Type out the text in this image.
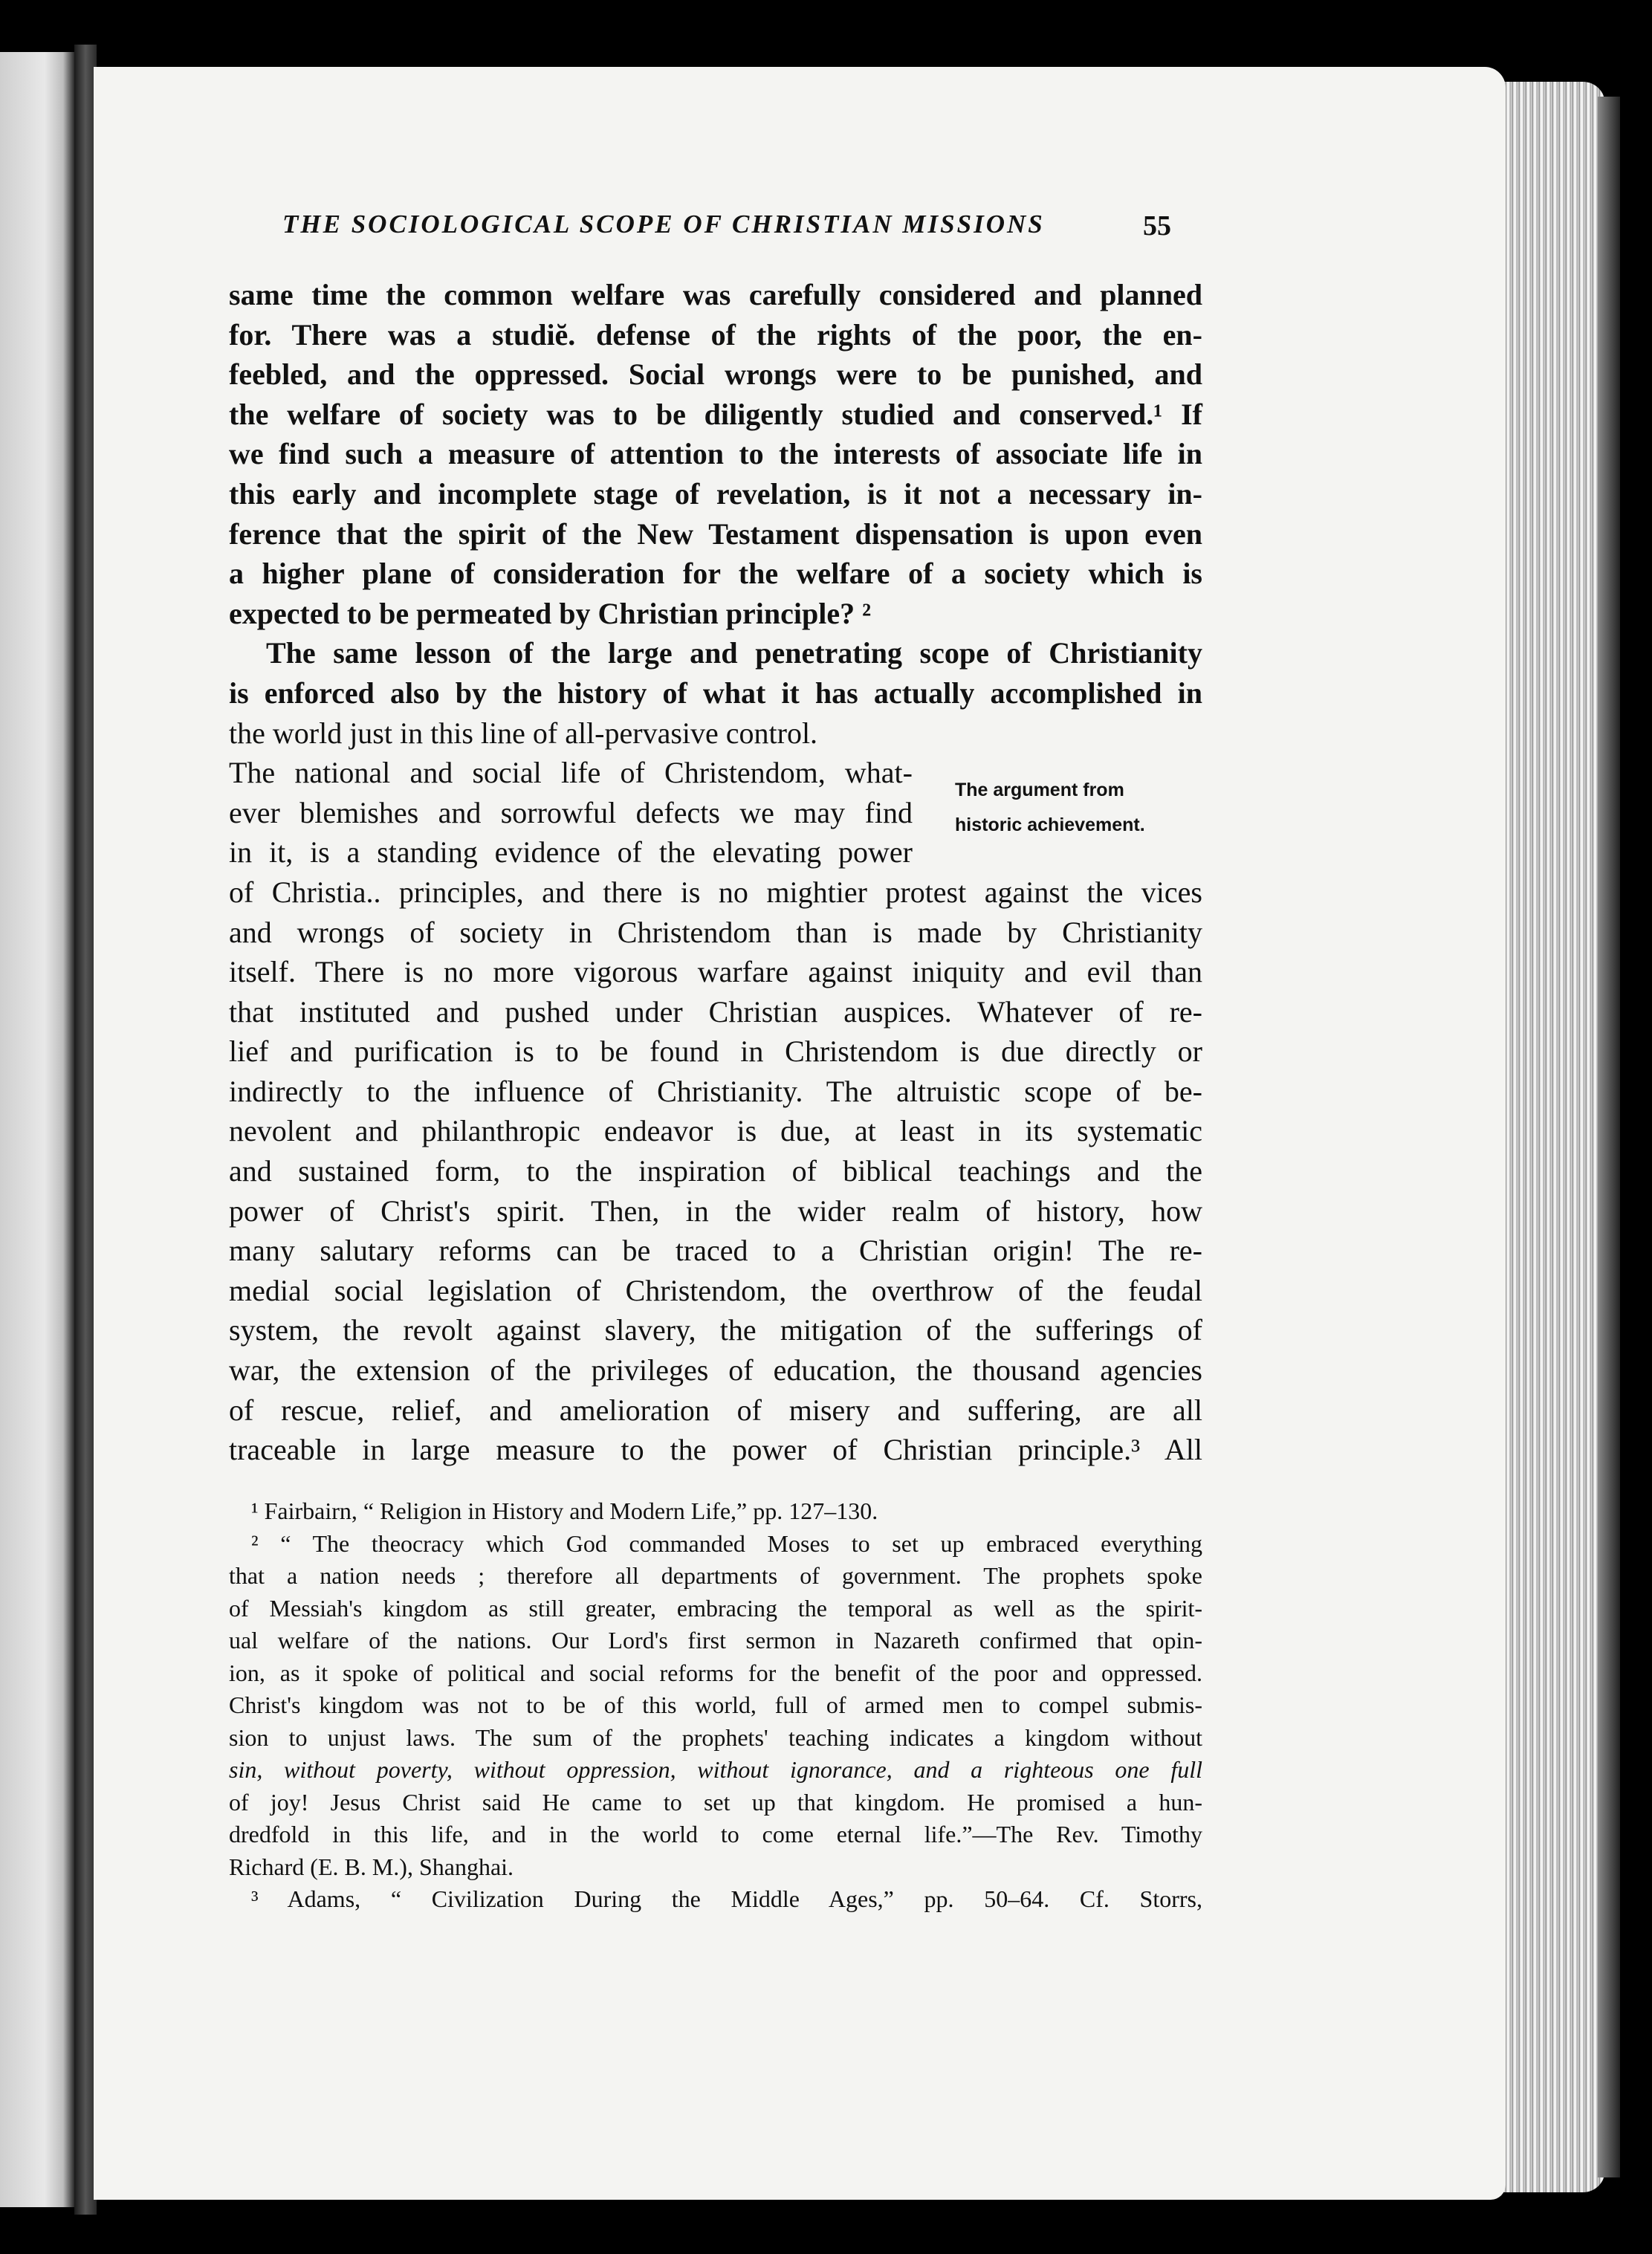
THE SOCIOLOGICAL SCOPE OF CHRISTIAN MISSIONS	55
same time the common welfare was carefully considered and planned
for. There was a studiĕ. defense of the rights of the poor, the en-
feebled, and the oppressed. Social wrongs were to be punished, and
the welfare of society was to be diligently studied and conserved.¹ If
we find such a measure of attention to the interests of associate life in
this early and incomplete stage of revelation, is it not a necessary in-
ference that the spirit of the New Testament dispensation is upon even
a higher plane of consideration for the welfare of a society which is
expected to be permeated by Christian principle? ²
The same lesson of the large and penetrating scope of Christianity
is enforced also by the history of what it has actually accomplished in
the world just in this line of all-pervasive control.
The national and social life of Christendom, what-
ever blemishes and sorrowful defects we may find
in it, is a standing evidence of the elevating power
of Christia.. principles, and there is no mightier protest against the vices
and wrongs of society in Christendom than is made by Christianity
itself. There is no more vigorous warfare against iniquity and evil than
that instituted and pushed under Christian auspices. Whatever of re-
lief and purification is to be found in Christendom is due directly or
indirectly to the influence of Christianity. The altruistic scope of be-
nevolent and philanthropic endeavor is due, at least in its systematic
and sustained form, to the inspiration of biblical teachings and the
power of Christ's spirit. Then, in the wider realm of history, how
many salutary reforms can be traced to a Christian origin! The re-
medial social legislation of Christendom, the overthrow of the feudal
system, the revolt against slavery, the mitigation of the sufferings of
war, the extension of the privileges of education, the thousand agencies
of rescue, relief, and amelioration of misery and suffering, are all
traceable in large measure to the power of Christian principle.³ All
The argument from
historic achievement.
¹ Fairbairn, “ Religion in History and Modern Life,” pp. 127–130.
² “ The theocracy which God commanded Moses to set up embraced everything
that a nation needs ; therefore all departments of government. The prophets spoke
of Messiah's kingdom as still greater, embracing the temporal as well as the spirit-
ual welfare of the nations. Our Lord's first sermon in Nazareth confirmed that opin-
ion, as it spoke of political and social reforms for the benefit of the poor and oppressed.
Christ's kingdom was not to be of this world, full of armed men to compel submis-
sion to unjust laws. The sum of the prophets' teaching indicates a kingdom without
sin, without poverty, without oppression, without ignorance, and a righteous one full
of joy! Jesus Christ said He came to set up that kingdom. He promised a hun-
dredfold in this life, and in the world to come eternal life.”—The Rev. Timothy
Richard (E. B. M.), Shanghai.
³ Adams, “ Civilization During the Middle Ages,” pp. 50–64. Cf. Storrs,
